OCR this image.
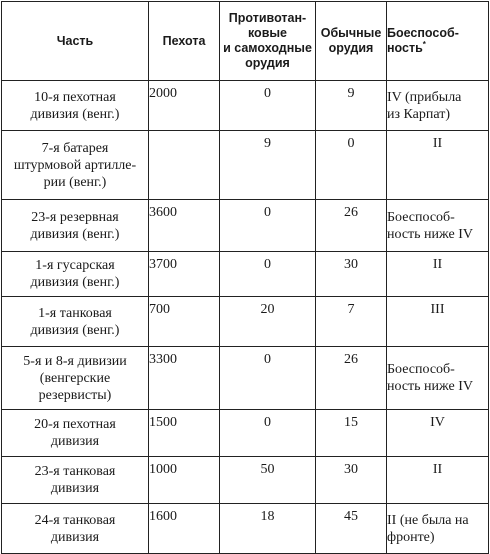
Часть	Пехота	Противотан-
ковые
и самоходные
орудия	Обычные
орудия	Боеспособ-
ность*
10-я пехотная
дивизия (венг.)	2000	0	9	IV (прибыла
из Карпат)
7-я батарея
штурмовой артилле-
рии (венг.)		9	0	II
23-я резервная
дивизия (венг.)	3600	0	26	Боеспособ-
ность ниже IV
1-я гусарская
дивизия (венг.)	3700	0	30	II
1-я танковая
дивизия (венг.)	700	20	7	III
5-я и 8-я дивизии
(венгерские
резервисты)	3300	0	26	Боеспособ-
ность ниже IV
20-я пехотная
дивизия	1500	0	15	IV
23-я танковая
дивизия	1000	50	30	II
24-я танковая
дивизия	1600	18	45	II (не была на
фронте)
